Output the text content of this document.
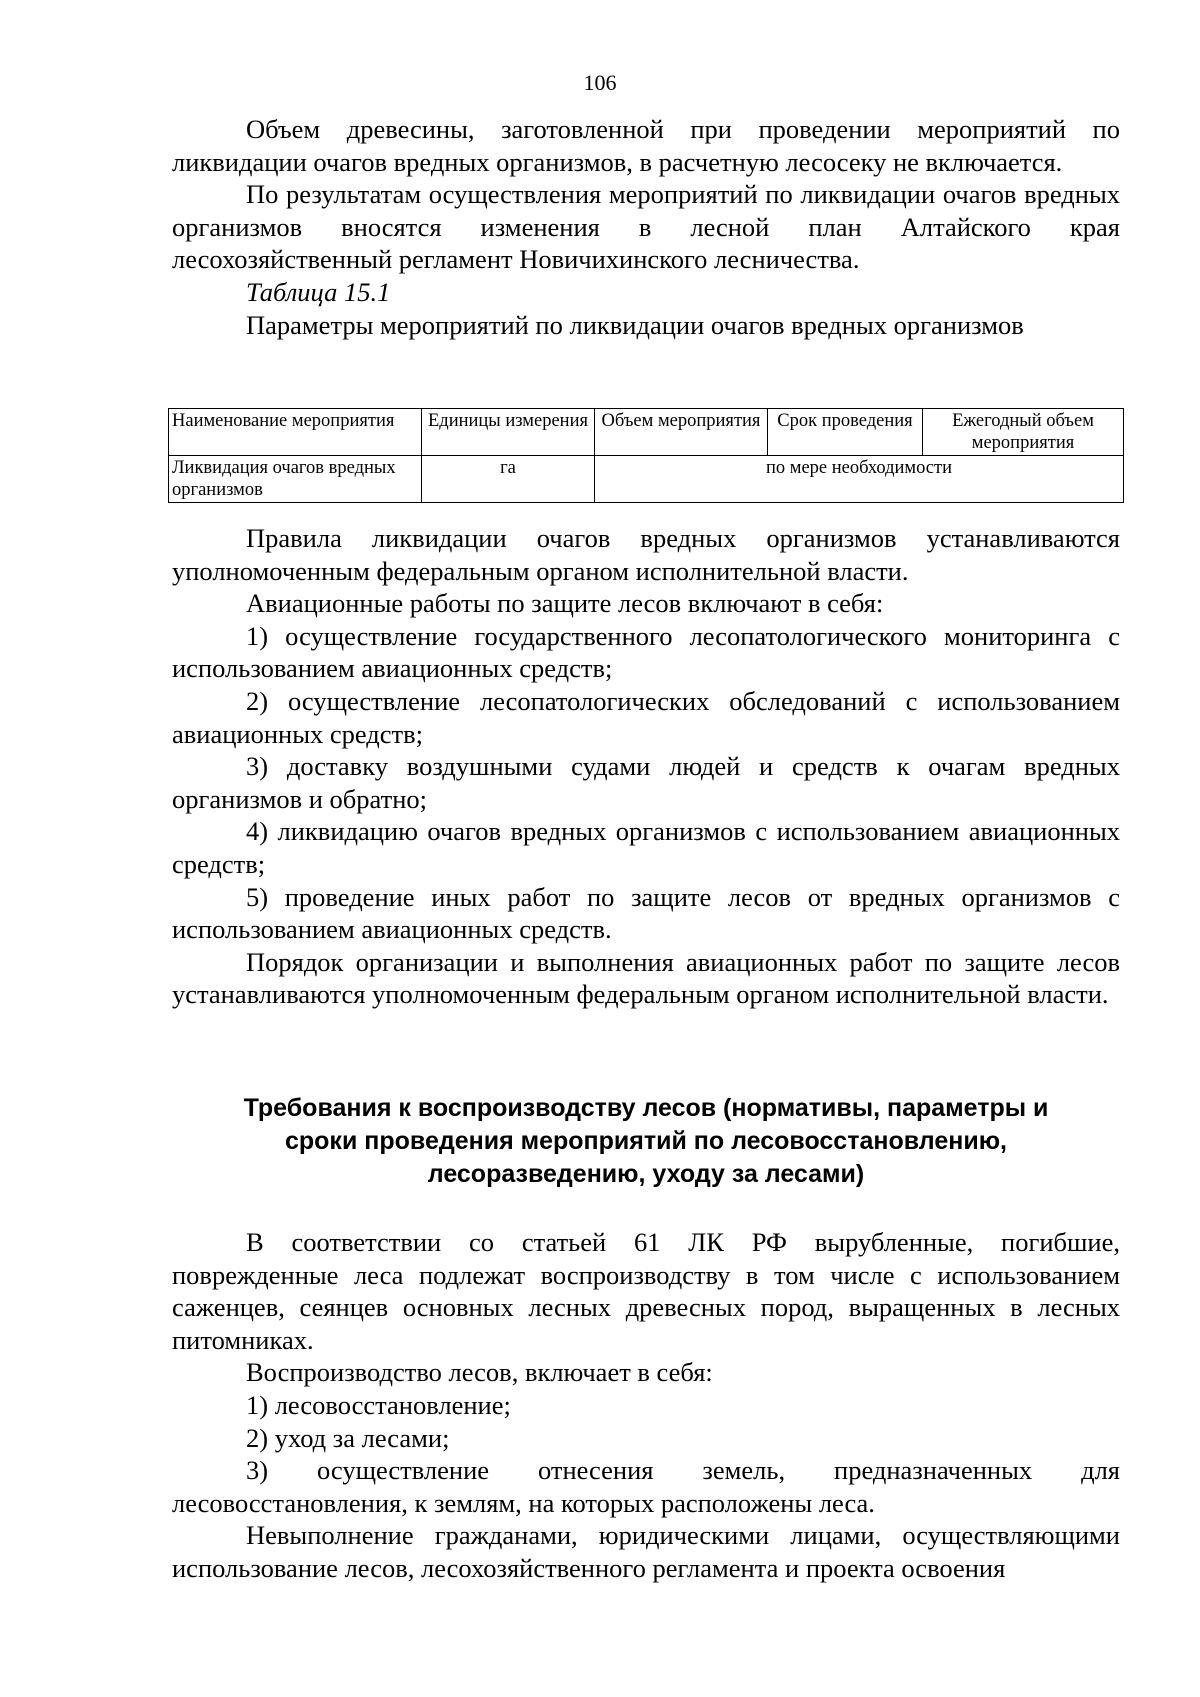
106

Объем древесины, заготовленной при проведении мероприятий по ликвидации очагов вредных организмов, в расчетную лесосеку не включается.

По результатам осуществления мероприятий по ликвидации очагов вредных организмов вносятся изменения в лесной план Алтайского края лесохозяйственный регламент Новичихинского лесничества.

Таблица 15.1

Параметры мероприятий по ликвидации очагов вредных организмов

Наименование мероприятия	Единицы измерения	Объем мероприятия	Срок проведения	Ежегодный объем мероприятия
Ликвидация очагов вредных организмов	га	по мере необходимости		

Правила ликвидации очагов вредных организмов устанавливаются уполномоченным федеральным органом исполнительной власти.

Авиационные работы по защите лесов включают в себя:

1) осуществление государственного лесопатологического мониторинга с использованием авиационных средств;

2) осуществление лесопатологических обследований с использованием авиационных средств;

3) доставку воздушными судами людей и средств к очагам вредных организмов и обратно;

4) ликвидацию очагов вредных организмов с использованием авиационных средств;

5) проведение иных работ по защите лесов от вредных организмов с использованием авиационных средств.

Порядок организации и выполнения авиационных работ по защите лесов устанавливаются уполномоченным федеральным органом исполнительной власти.

Требования к воспроизводству лесов (нормативы, параметры и
сроки проведения мероприятий по лесовосстановлению,
лесоразведению, уходу за лесами)

В соответствии со статьей 61 ЛК РФ вырубленные, погибшие, поврежденные леса подлежат воспроизводству в том числе с использованием саженцев, сеянцев основных лесных древесных пород, выращенных в лесных питомниках.

Воспроизводство лесов, включает в себя:

1) лесовосстановление;

2) уход за лесами;

3) осуществление отнесения земель, предназначенных для лесовосстановления, к землям, на которых расположены леса.

Невыполнение гражданами, юридическими лицами, осуществляющими использование лесов, лесохозяйственного регламента и проекта освоения
